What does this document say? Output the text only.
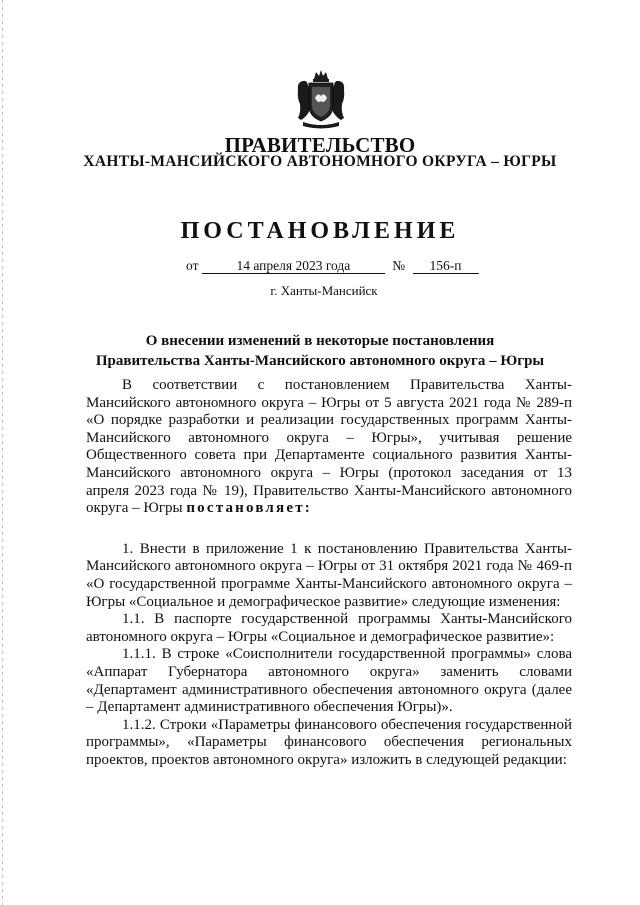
ПРАВИТЕЛЬСТВО
ХАНТЫ-МАНСИЙСКОГО АВТОНОМНОГО ОКРУГА – ЮГРЫ
ПОСТАНОВЛЕНИЕ
от	14 апреля 2023 года	№ 156-п
г. Ханты-Мансийск
О внесении изменений в некоторые постановления
Правительства Ханты-Мансийского автономного округа – Югры

В соответствии с постановлением Правительства Ханты-Мансийского автономного округа – Югры от 5 августа 2021 года № 289-п «О порядке разработки и реализации государственных программ Ханты-Мансийского автономного округа – Югры», учитывая решение Общественного совета при Департаменте социального развития Ханты-Мансийского автономного округа – Югры (протокол заседания от 13 апреля 2023 года № 19), Правительство Ханты-Мансийского автономного округа – Югры постановляет:

1. Внести в приложение 1 к постановлению Правительства Ханты-Мансийского автономного округа – Югры от 31 октября 2021 года № 469-п «О государственной программе Ханты-Мансийского автономного округа – Югры «Социальное и демографическое развитие» следующие изменения:

1.1. В паспорте государственной программы Ханты-Мансийского автономного округа – Югры «Социальное и демографическое развитие»:

1.1.1. В строке «Соисполнители государственной программы» слова «Аппарат Губернатора автономного округа» заменить словами «Департамент административного обеспечения автономного округа (далее – Департамент административного обеспечения Югры)».

1.1.2. Строки «Параметры финансового обеспечения государственной программы», «Параметры финансового обеспечения региональных проектов, проектов автономного округа» изложить в следующей редакции:
